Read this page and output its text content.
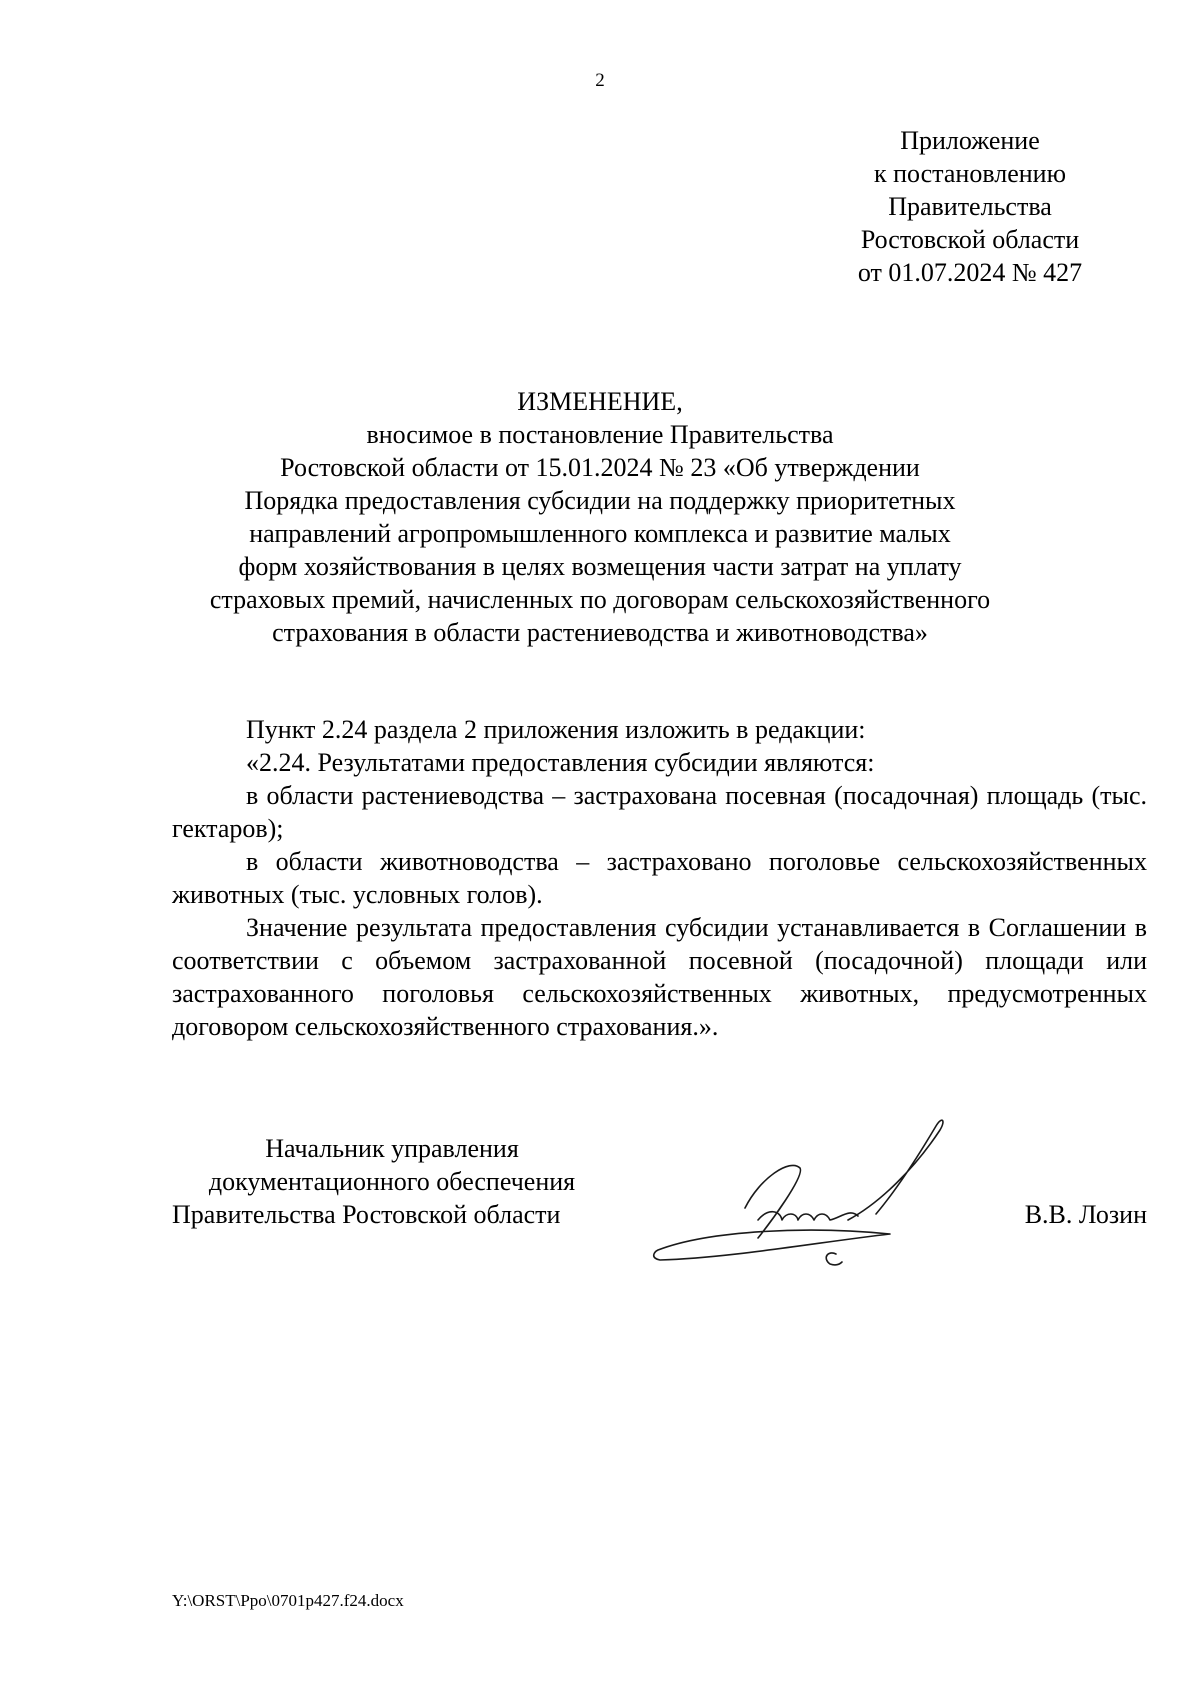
2
Приложение
к постановлению
Правительства
Ростовской области
от 01.07.2024 № 427
ИЗМЕНЕНИЕ,
вносимое в постановление Правительства
Ростовской области от 15.01.2024 № 23 «Об утверждении
Порядка предоставления субсидии на поддержку приоритетных
направлений агропромышленного комплекса и развитие малых
форм хозяйствования в целях возмещения части затрат на уплату
страховых премий, начисленных по договорам сельскохозяйственного
страхования в области растениеводства и животноводства»

Пункт 2.24 раздела 2 приложения изложить в редакции:

«2.24. Результатами предоставления субсидии являются:

в области растениеводства – застрахована посевная (посадочная) площадь (тыс. гектаров);

в области животноводства – застраховано поголовье сельскохозяйственных животных (тыс. условных голов).

Значение результата предоставления субсидии устанавливается в Соглашении в соответствии с объемом застрахованной посевной (посадочной) площади или застрахованного поголовья сельскохозяйственных животных, предусмотренных договором сельскохозяйственного страхования.».

Начальник управления
документационного обеспечения
Правительства Ростовской области	В.В. Лозин
Y:\ORST\Ppo\0701p427.f24.docx
